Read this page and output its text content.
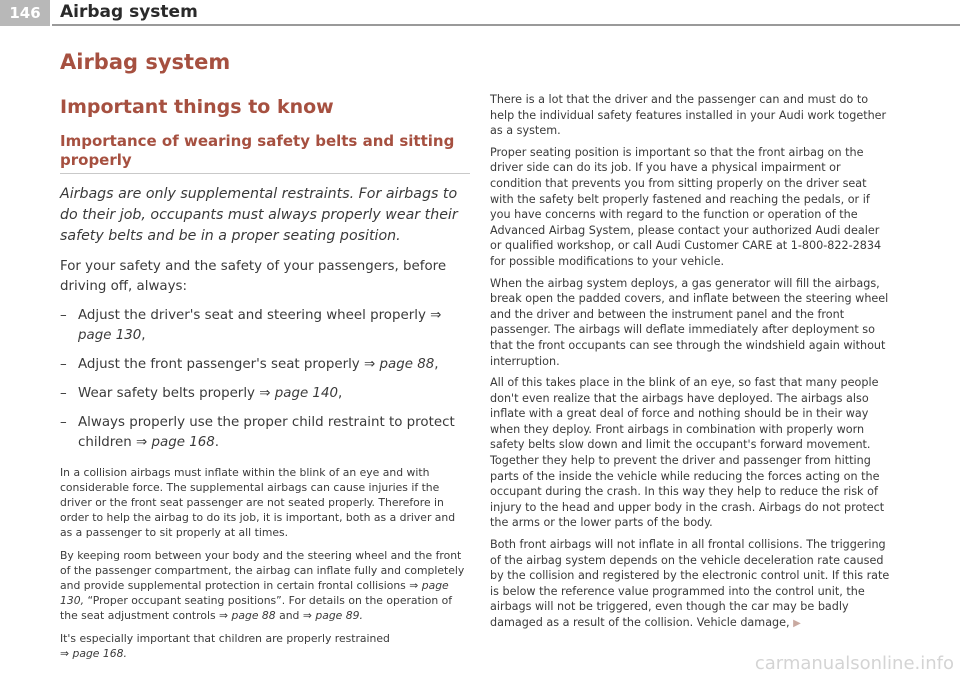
146	Airbag system
Airbag system
Important things to know
Importance of wearing safety belts and sitting properly

Airbags are only supplemental restraints. For airbags to do their job, occupants must always properly wear their safety belts and be in a proper seating position.

For your safety and the safety of your passengers, before driving off, always:

– Adjust the driver's seat and steering wheel properly ⇒ page 130,
– Adjust the front passenger's seat properly ⇒ page 88,
– Wear safety belts properly ⇒ page 140,
– Always properly use the proper child restraint to protect children ⇒ page 168.

In a collision airbags must inflate within the blink of an eye and with considerable force. The supplemental airbags can cause injuries if the driver or the front seat passenger are not seated properly. Therefore in order to help the airbag to do its job, it is important, both as a driver and as a passenger to sit properly at all times.

By keeping room between your body and the steering wheel and the front of the passenger compartment, the airbag can inflate fully and completely and provide supplemental protection in certain frontal collisions ⇒ page 130, “Proper occupant seating positions”. For details on the operation of the seat adjustment controls ⇒ page 88 and ⇒ page 89.

It's especially important that children are properly restrained
⇒ page 168.

There is a lot that the driver and the passenger can and must do to help the individual safety features installed in your Audi work together as a system.

Proper seating position is important so that the front airbag on the driver side can do its job. If you have a physical impairment or condition that prevents you from sitting properly on the driver seat with the safety belt properly fastened and reaching the pedals, or if you have concerns with regard to the function or operation of the Advanced Airbag System, please contact your authorized Audi dealer or qualified workshop, or call Audi Customer CARE at 1-800-822-2834 for possible modifications to your vehicle.

When the airbag system deploys, a gas generator will fill the airbags, break open the padded covers, and inflate between the steering wheel and the driver and between the instrument panel and the front passenger. The airbags will deflate immediately after deployment so that the front occupants can see through the windshield again without interruption.

All of this takes place in the blink of an eye, so fast that many people don't even realize that the airbags have deployed. The airbags also inflate with a great deal of force and nothing should be in their way when they deploy. Front airbags in combination with properly worn safety belts slow down and limit the occupant's forward movement. Together they help to prevent the driver and passenger from hitting parts of the inside the vehicle while reducing the forces acting on the occupant during the crash. In this way they help to reduce the risk of injury to the head and upper body in the crash. Airbags do not protect the arms or the lower parts of the body.

Both front airbags will not inflate in all frontal collisions. The triggering of the airbag system depends on the vehicle deceleration rate caused by the collision and registered by the electronic control unit. If this rate is below the reference value programmed into the control unit, the airbags will not be triggered, even though the car may be badly damaged as a result of the collision. Vehicle damage, ▶

carmanualsonline.info
